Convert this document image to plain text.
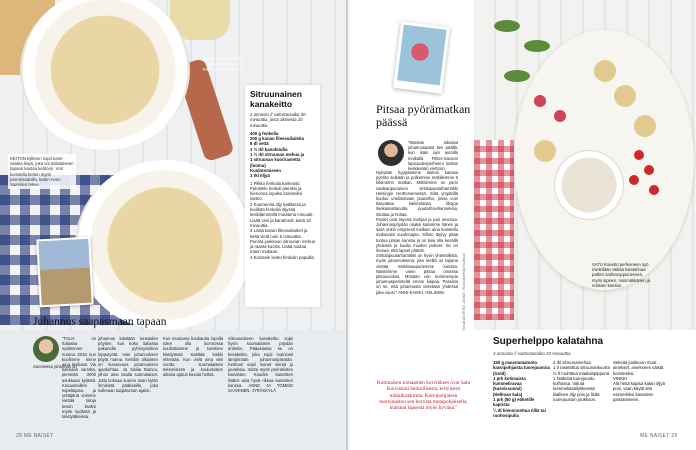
Nauti keitto kuivalla
valkoviinillä, kuten
Pinot grigion kanssa.
KEITON kylkeen sopii tuore vaalea leipä, joka voi italialaiseen tapaan kastaa keittoon. Voit koristella keiton myös parmesaanilla, kuten Anne Saarinen tekee.
Sitruunainen kanakeitto
2 annosta // valmistusaika 30 minuuttia, josta aktiivista 20 minuuttia
400 g fenkolia
200 g kanan fileesuikaleita
8 dl vettä
1 ½ rkl kanafondia
1 ½ rkl sitruunan mehua ja
1 sitruunan kuorirastetta
(luomu)
Kuulotomiseen
1 rkl öljyä
1 Pilkko fenkolia karkeasti. Paloittele fenkoli pieniksi ja hienonna lopuksi koristeiksi varten.
2 Kuumenna öljy kattilassa ja kuullota fenkolia öljyssä keskilämmöllä muutama minuutti. Lisää vesi ja kanafondi, keitä 10 minuuttia.
3 Lisää kanan fileesuikaleet ja keitä vielä noin 5 minuuttia. Purista joukkoon sitruunan mehua ja raasta kuorta. Lisää suolaa maun mukaan.
4 Koristele keitto fenkolin papuilla.
Juhannus saapasmaan tapaan
"TALVI on Italiassa sydämmen nuoma. 2018, kun kuolimme sinne aina Sisiliaan. Via tuleeaan varrelta, pienestä 3000 asukkaan kylästä. Kuvaamalleni sopeltajana ja yrittäjänä voimme viettää taloja kesiin lisäksi myös sydäntä ja talvitytäkeissa.
Suomessa juhannus on
juhannus käsitään runsaiden pöytien, kun koko italiassa pakanolla pyhimysviikon lopputyötä. Hän juhannuksen pöytä nanna. Keittiön aikuisten on kuvaavuus juhannuksen ajankohtaa. Ja Sisilia Bianca, johon aina osalla suomalaiset. Jutla kokoaa suuren osan kylän ihmisistä pääkatulle, joka sulkeaan taajatiuman ajaksi.
Kun muutama kuukautta lopulla tulee olla luonnossa kuulostamme ja tarvitsee käsityössä sisältää kaikki elämään. Kun vielä aina viisi vuotta suomalaisten tekemisissä ja kuulumisten aikana ajatus kuvata hetkiä.
Sitruunaiseen kanakeitto sopii hyvin suomalaisen pöydän antimiin. Pääasiassa se on kesäkeitto, joka sopii mainiosti lämpimään juhannuspäivään. Keittoon sopii monet sieniä ja juureksia, mutta myös perinteisten kasvisten. Kuuden kasvisten lisäksi aina hyvä rikkoa kasvisten kanssa. ANNE JA TOMMO SAARINEN, JYRÄKKYLÄ
28 ME NAISET
Pitsaa pyörämatkan
päässä
"Muistan lukuisat juhannusaatot lien päällä, kun isäni ajoi autoilla moikalla Rhiini-Savoon lapsuudenperheeni luokse keskikesän viettoon.
Nykyään hyppäämme lastoni kanssa pyörän selkään ja polkemme mökillemme 6 kilometrin matkan. Mökkimme on pieni vaaleanpunainen sirtolapuutarhamökki Helsingin Herttoniemessä. Siitä ympärillä kuuluu uneliisimaan puutarha, jossa voin kasvattaa kaikenlaista lihojoa itsekasvattanutta puutarhavihanneksia, istuttaa ja hoitaa.
Puolet ovat täynnä mahjaa ja pari omenaa. Juhannuspöydän osaksi katamme hänen ja siinä onkin erityisesti melkein aina koristeltu mukavasti vuodenajan. Silloin täytyy pitää tuntua pitsan kanssa ja on kiva olla kesällä yhdessä ja kuulla muiden puheet. Se on ihanaa, että lapset pitävät.
Siirtolapuutarhamökki on hyvin yhteisöllistä, myös juhannuksena, jota meillä on tapana viettää mökkinaapuriemme kanssa. Naistemme usein pitsaa omassa pitsauunissa. Mösään eiin kummempia juhannusperinteitä emme kaipaa. Paraista on se, että juhannusta vietetään yhdessä joka vuosi." ANNI-KAIKKI, HELSINKI	Kuvat ANTERO JÄNNE / Ruokataiteilija Kulttuuri
Kotimaisen tomaattien korvikkeet ovat Satu Koivistoni herkullisesta, erityisesti mikkikokkimia. Kasvipohjaisen tuorejuuston sen korvata mutapohjaisella, maistuu lapsesta myös hyvänä."
SATU Koivisto perheineen syö mielellään välistä kalatahnaa pallien sarfamoppuiriemien, myös sipsien, minimäkkärien ja retiisien kanssa.
Superhelppo kalatahna
4 annosta // valmistusaika 10 minuuttia
150 g maustamatonta kasvipohjaista tuorejuustoa (Gold)
1 prk kotimaista kummeliravaa (kasvissuomi)
(Hellman kala)
1 prk (50 g) etiketille kaprista
¼ dl hienonnettua tilliä tai ruohosipulia
2 rkl sitruunamehua
1 tl rasetettua sitruunankuorta
¼ tl ruohittua maalaispippuria
1 Notkista tuorejuusto kulhossa. Valuta kummeliasäilykkeestä liiallinen öljy pois ja lisää tuorejuuston joukkoon.
Sekoita joukkoon muut ainekset, ainekseen väistä koristeeksi.
VINKKI
Alä heitä kapisa kalan öljyä pois, vaan käytä sitä esimerkiksi kasvisten paistamiseen.
ME NAISET 29
